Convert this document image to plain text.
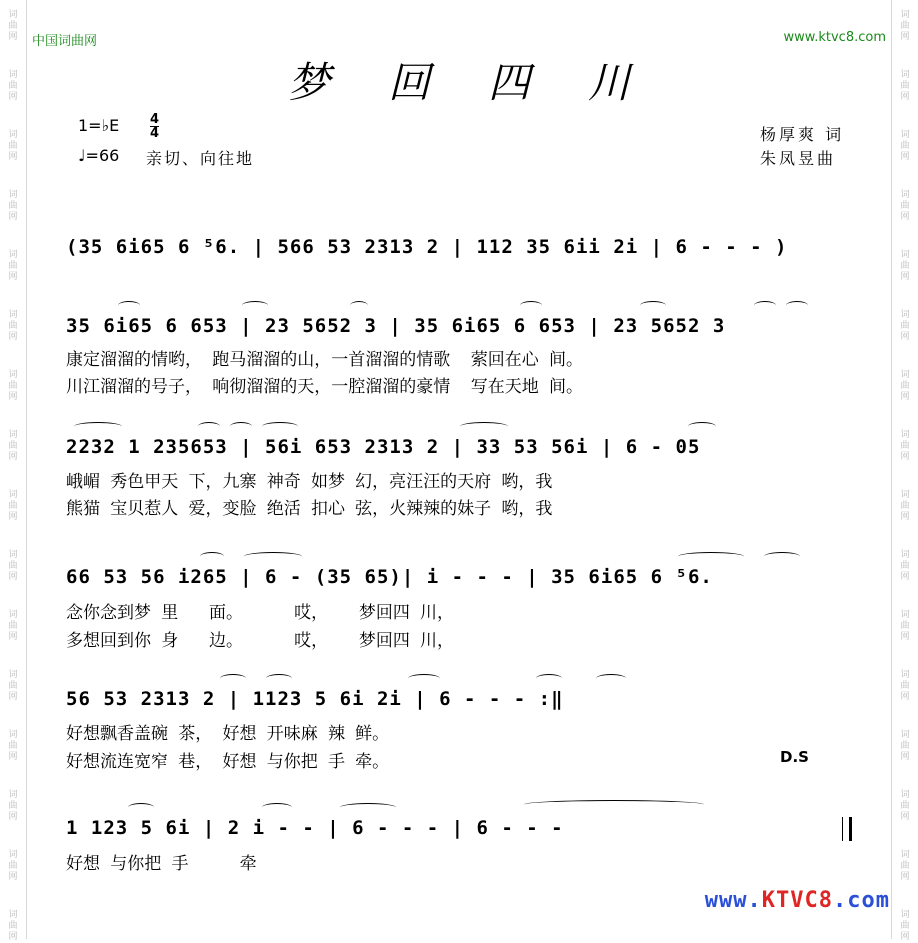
词曲网
词曲网
词曲网
词曲网
词曲网
词曲网
词曲网
词曲网
词曲网
词曲网
词曲网
词曲网
词曲网
词曲网
词曲网
词曲网
词曲网
词曲网
词曲网
词曲网
词曲网
词曲网
词曲网
词曲网
词曲网
词曲网
词曲网
词曲网
词曲网
词曲网
词曲网
词曲网
中国词曲网	www.ktvc8.com
梦回四川
1=♭E 4
4
♩=66 亲切、向往地
杨厚爽 词
朱凤昱曲
(35 6i65 6 ⁵6. | 566 53 2313 2 | 112 35 6ii 2i | 6 - - - )
35 6i65 6 653 | 23 5652 3 | 35 6i65 6 653 | 23 5652 3
康定溜溜的情哟， 跑马溜溜的山，一首溜溜的情歌  萦回在心 间。
川江溜溜的号子， 响彻溜溜的天，一腔溜溜的豪情  写在天地 间。
2232 1 235653 | 56i 653 2313 2 | 33 53 56i | 6 - 05
峨嵋 秀色甲天 下，九寨 神奇 如梦 幻，亮汪汪的天府 哟，我
熊猫 宝贝惹人 爱，变脸 绝活 扣心 弦，火辣辣的妹子 哟，我
66 53 56 i265 | 6 - (35 65)| i - - - | 35 6i65 6 ⁵6.
念你念到梦 里   面。     哎，   梦回四 川，
多想回到你 身   边。     哎，   梦回四 川，
56 53 2313 2 | 1123 5 6i 2i | 6 - - - :‖
好想飘香盖碗 茶， 好想 开味麻 辣 鲜。
好想流连宽窄 巷， 好想 与你把 手 牵。	D.S
1 123 5 6i | 2 i - - | 6 - - - | 6 - - -
好想 与你把 手     牵
www.KTVC8.com
